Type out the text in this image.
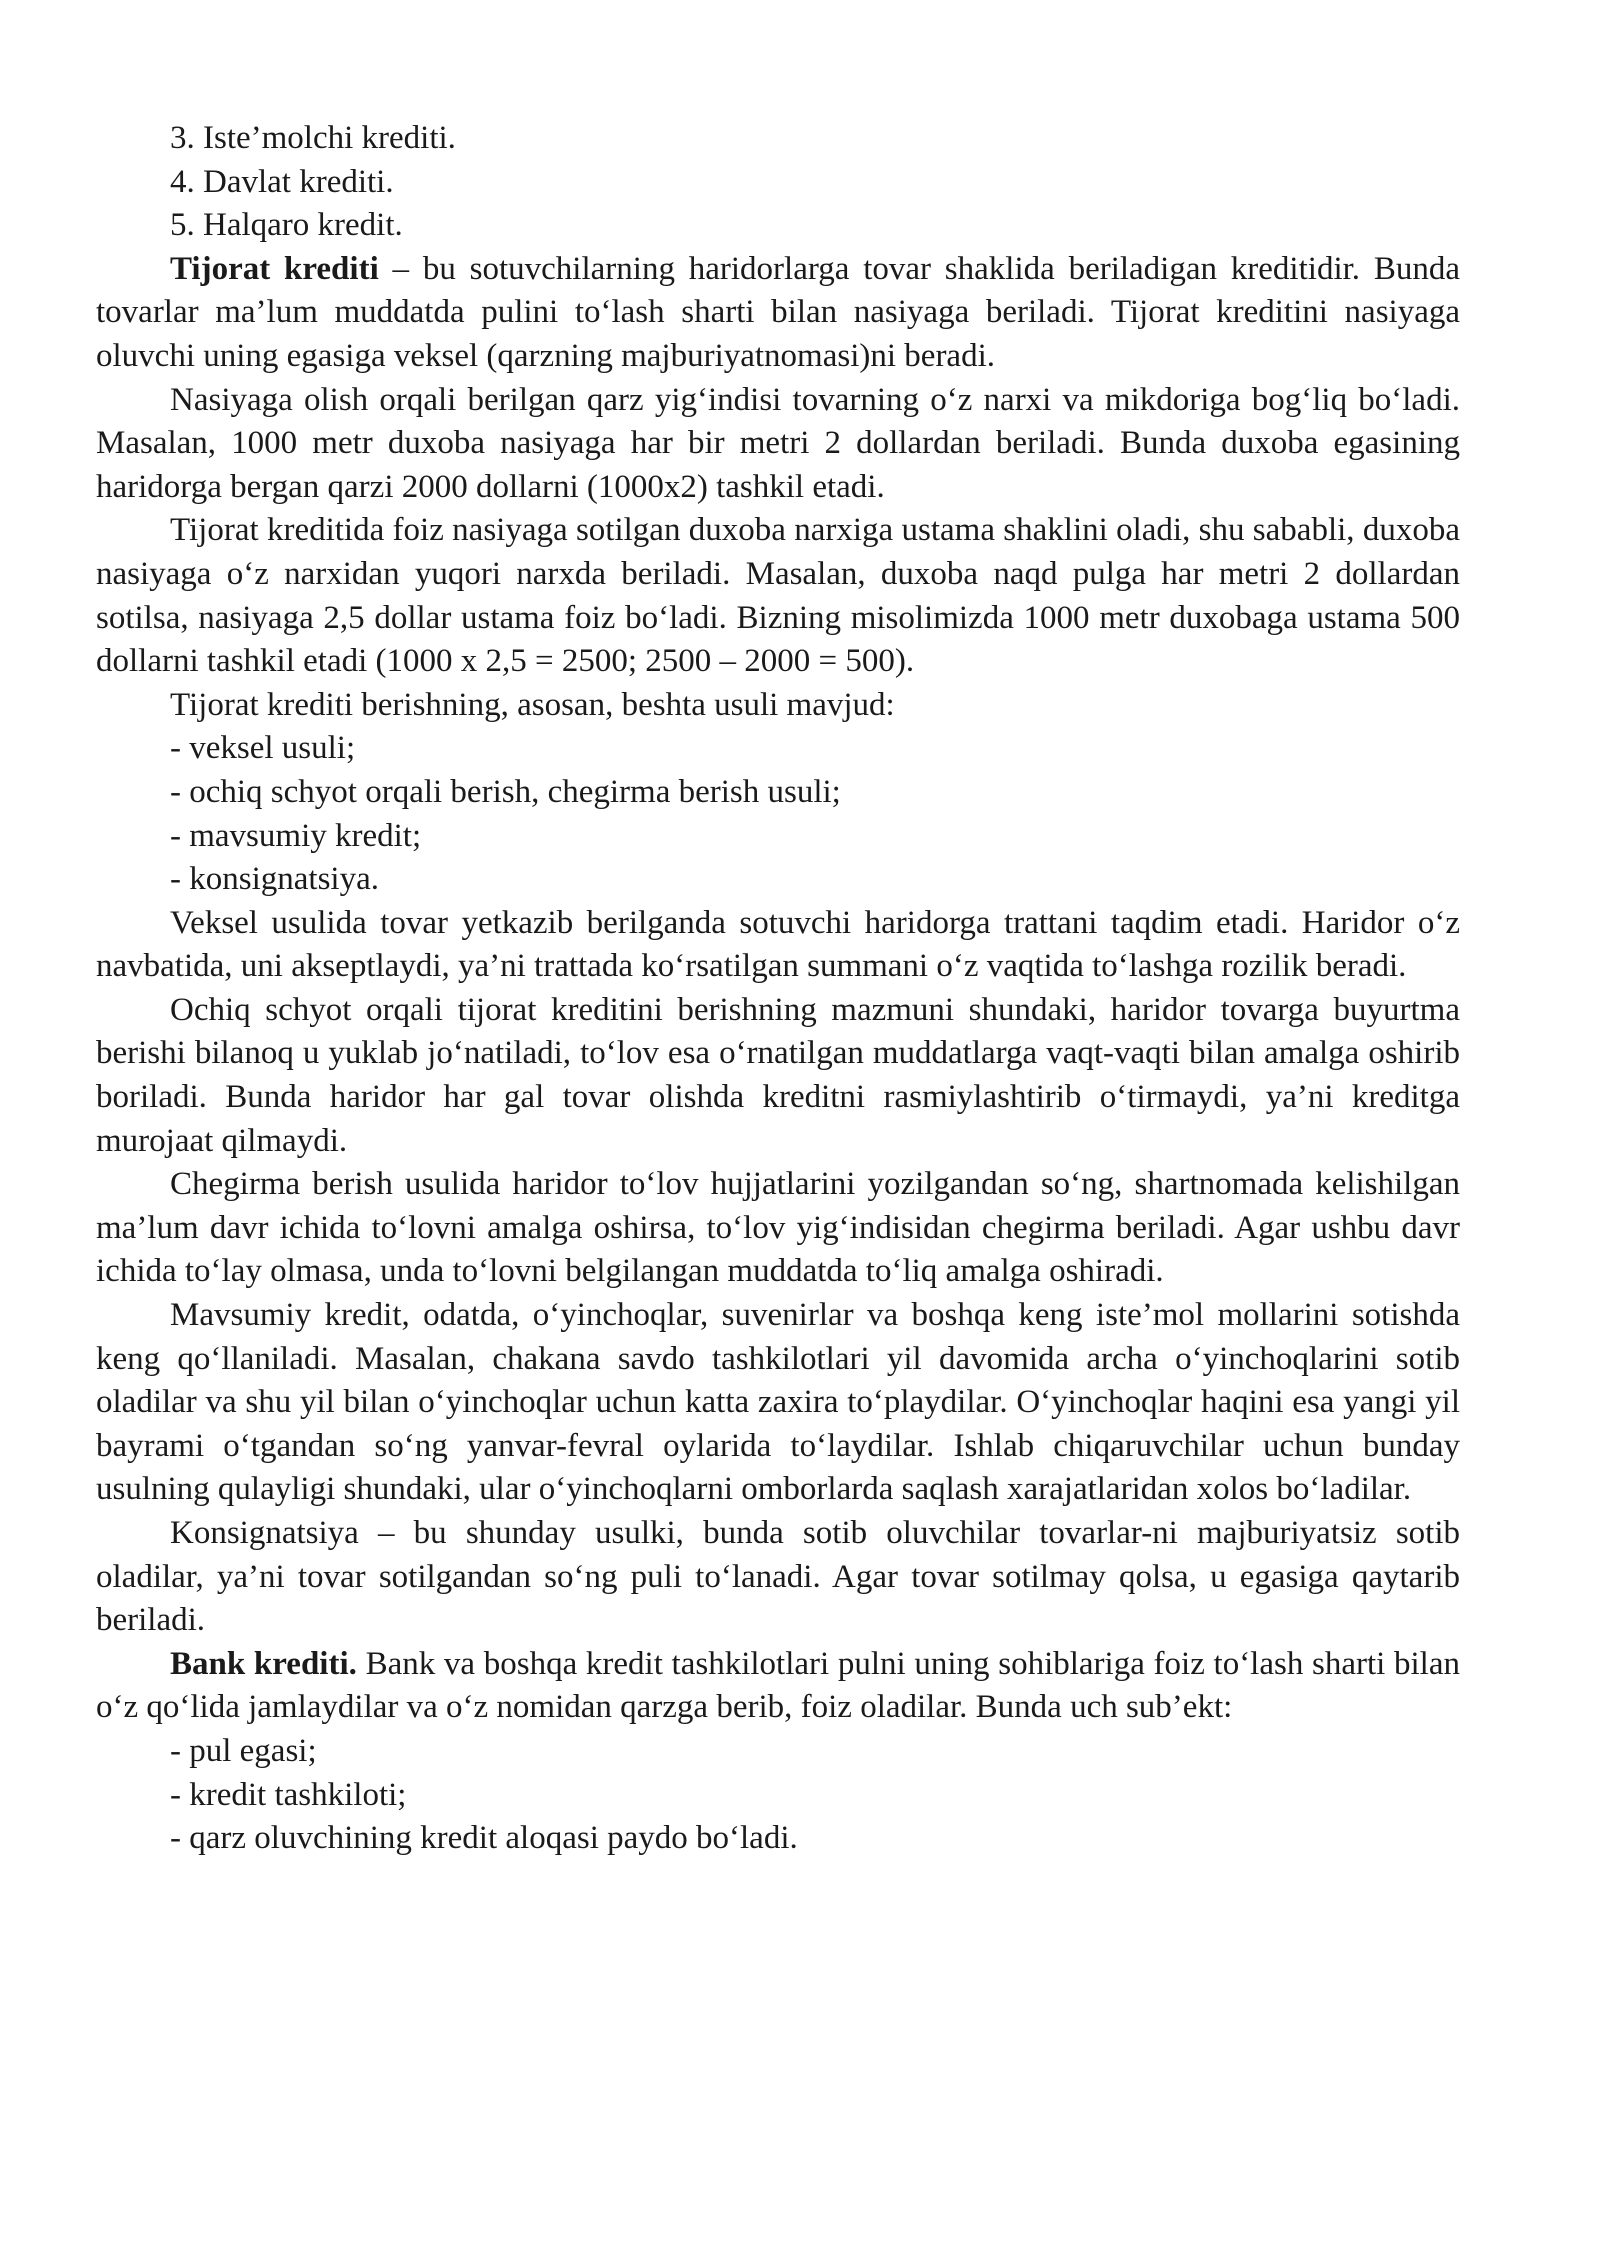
3. Iste’molchi krediti.

4. Davlat krediti.

5. Halqaro kredit.

Tijorat krediti – bu sotuvchilarning haridorlarga tovar shaklida beriladigan kreditidir. Bunda tovarlar ma’lum muddatda pulini to‘lash sharti bilan nasiyaga beriladi. Tijorat kreditini nasiyaga oluvchi uning egasiga veksel (qarzning majburiyatnomasi)ni beradi.

Nasiyaga olish orqali berilgan qarz yig‘indisi tovarning o‘z narxi va mikdoriga bog‘liq bo‘ladi. Masalan, 1000 metr duxoba nasiyaga har bir metri 2 dollardan beriladi. Bunda duxoba egasining haridorga bergan qarzi 2000 dollarni (1000x2) tashkil etadi.

Tijorat kreditida foiz nasiyaga sotilgan duxoba narxiga ustama shaklini oladi, shu sababli, duxoba nasiyaga o‘z narxidan yuqori narxda beriladi. Masalan, duxoba naqd pulga har metri 2 dollardan sotilsa, nasiyaga 2,5 dollar ustama foiz bo‘ladi. Bizning misolimizda 1000 metr duxobaga ustama 500 dollarni tashkil etadi (1000 x 2,5 = 2500; 2500 – 2000 = 500).

Tijorat krediti berishning, asosan, beshta usuli mavjud:

- veksel usuli;

- ochiq schyot orqali berish, chegirma berish usuli;

- mavsumiy kredit;

- konsignatsiya.

Veksel usulida tovar yetkazib berilganda sotuvchi haridorga trattani taqdim etadi. Haridor o‘z navbatida, uni akseptlaydi, ya’ni trattada ko‘rsatilgan summani o‘z vaqtida to‘lashga rozilik beradi.

Ochiq schyot orqali tijorat kreditini berishning mazmuni shundaki, haridor tovarga buyurtma berishi bilanoq u yuklab jo‘natiladi, to‘lov esa o‘rnatilgan muddatlarga vaqt-vaqti bilan amalga oshirib boriladi. Bunda haridor har gal tovar olishda kreditni rasmiylashtirib o‘tirmaydi, ya’ni kreditga murojaat qilmaydi.

Chegirma berish usulida haridor to‘lov hujjatlarini yozilgandan so‘ng, shartnomada kelishilgan ma’lum davr ichida to‘lovni amalga oshirsa, to‘lov yig‘indisidan chegirma beriladi. Agar ushbu davr ichida to‘lay olmasa, unda to‘lovni belgilangan muddatda to‘liq amalga oshiradi.

Mavsumiy kredit, odatda, o‘yinchoqlar, suvenirlar va boshqa keng iste’mol mollarini sotishda keng qo‘llaniladi. Masalan, chakana savdo tashkilotlari yil davomida archa o‘yinchoqlarini sotib oladilar va shu yil bilan o‘yinchoqlar uchun katta zaxira to‘playdilar. O‘yinchoqlar haqini esa yangi yil bayrami o‘tgandan so‘ng yanvar-fevral oylarida to‘laydilar. Ishlab chiqaruvchilar uchun bunday usulning qulayligi shundaki, ular o‘yinchoqlarni omborlarda saqlash xarajatlaridan xolos bo‘ladilar.

Konsignatsiya – bu shunday usulki, bunda sotib oluvchilar tovarlar-ni majburiyatsiz sotib oladilar, ya’ni tovar sotilgandan so‘ng puli to‘lanadi. Agar tovar sotilmay qolsa, u egasiga qaytarib beriladi.

Bank krediti. Bank va boshqa kredit tashkilotlari pulni uning sohiblariga foiz to‘lash sharti bilan o‘z qo‘lida jamlaydilar va o‘z nomidan qarzga berib, foiz oladilar. Bunda uch sub’ekt:

- pul egasi;

- kredit tashkiloti;

- qarz oluvchining kredit aloqasi paydo bo‘ladi.
